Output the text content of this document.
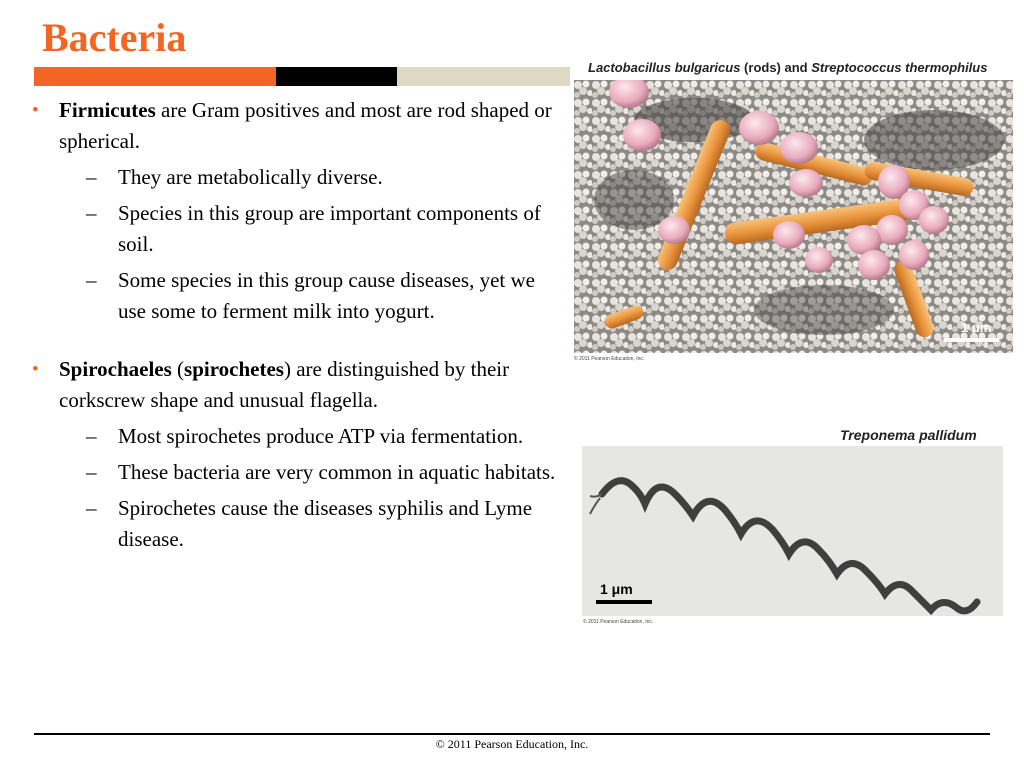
Bacteria
• Firmicutes are Gram positives and most are rod shaped or spherical.
– They are metabolically diverse.
– Species in this group are important components of soil.
– Some species in this group cause diseases, yet we use some to ferment milk into yogurt.
• Spirochaeles (spirochetes) are distinguished by their corkscrew shape and unusual flagella.
– Most spirochetes produce ATP via fermentation.
– These bacteria are very common in aquatic habitats.
– Spirochetes cause the diseases syphilis and Lyme disease.
Lactobacillus bulgaricus (rods) and Streptococcus thermophilus
1 μm
© 2011 Pearson Education, Inc.
Treponema pallidum
1 μm
© 2011 Pearson Education, Inc.
© 2011 Pearson Education, Inc.
